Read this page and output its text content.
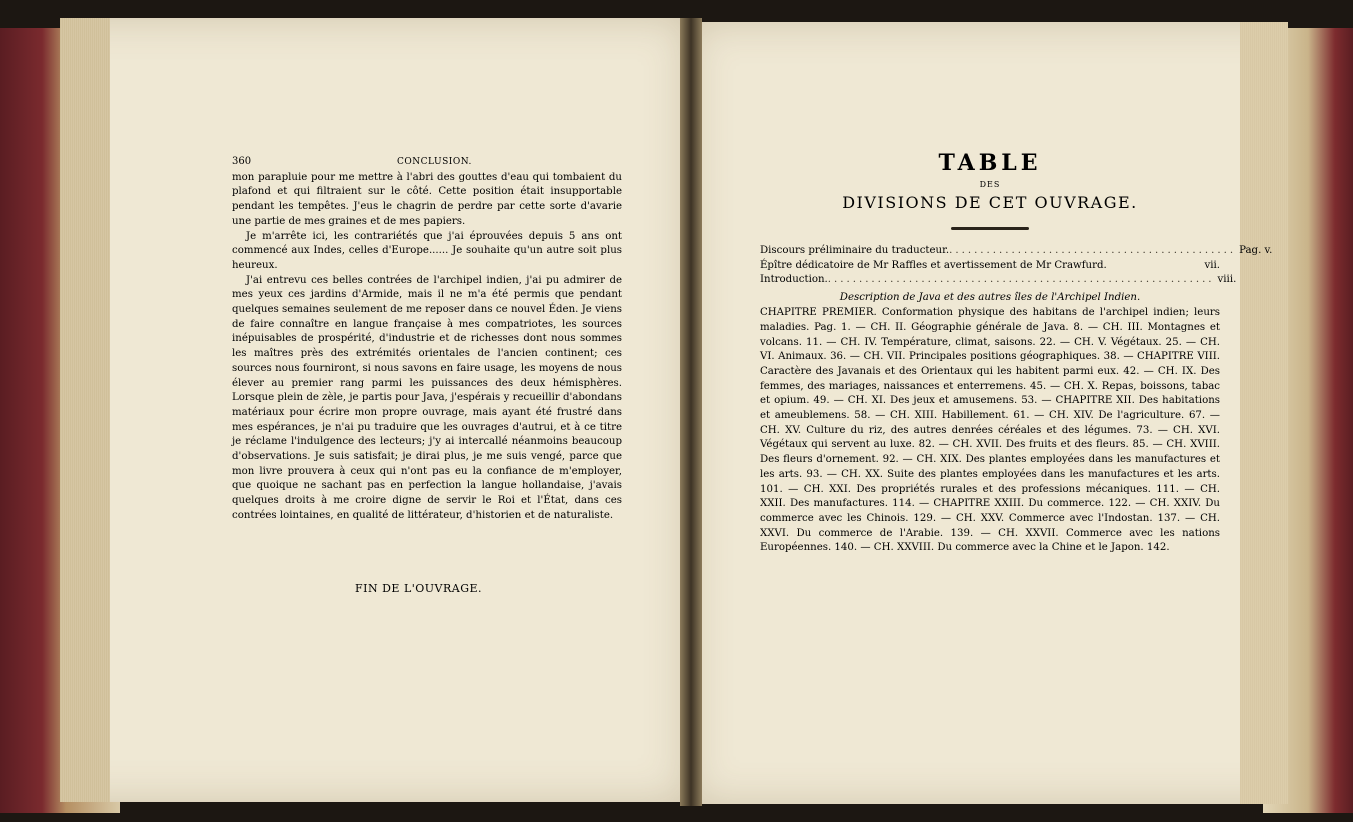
360	CONCLUSION.

mon parapluie pour me mettre à l'abri des gouttes d'eau qui tombaient du plafond et qui filtraient sur le côté. Cette position était insupportable pendant les tempêtes. J'eus le chagrin de perdre par cette sorte d'avarie une partie de mes graines et de mes papiers.

Je m'arrête ici, les contrariétés que j'ai éprouvées depuis 5 ans ont commencé aux Indes, celles d'Europe...... Je souhaite qu'un autre soit plus heureux.

J'ai entrevu ces belles contrées de l'archipel indien, j'ai pu admirer de mes yeux ces jardins d'Armide, mais il ne m'a été permis que pendant quelques semaines seulement de me reposer dans ce nouvel Éden. Je viens de faire connaître en langue française à mes compatriotes, les sources inépuisables de prospérité, d'industrie et de richesses dont nous sommes les maîtres près des extrémités orientales de l'ancien continent; ces sources nous fourniront, si nous savons en faire usage, les moyens de nous élever au premier rang parmi les puissances des deux hémisphères. Lorsque plein de zèle, je partis pour Java, j'espérais y recueillir d'abondans matériaux pour écrire mon propre ouvrage, mais ayant été frustré dans mes espérances, je n'ai pu traduire que les ouvrages d'autrui, et à ce titre je réclame l'indulgence des lecteurs; j'y ai intercallé néanmoins beaucoup d'observations. Je suis satisfait; je dirai plus, je me suis vengé, parce que mon livre prouvera à ceux qui n'ont pas eu la confiance de m'employer, que quoique ne sachant pas en perfection la langue hollandaise, j'avais quelques droits à me croire digne de servir le Roi et l'État, dans ces contrées lointaines, en qualité de littérateur, d'historien et de naturaliste.

FIN DE L'OUVRAGE.
TABLE
DES
DIVISIONS DE CET OUVRAGE.
Discours préliminaire du traducteur. .............................................. Pag. v.
Épître dédicatoire de Mr Raffles et avertissement de Mr Crawfurd.	vii.
Introduction. .............................................................. viii.
Description de Java et des autres îles de l'Archipel Indien.

CHAPITRE PREMIER. Conformation physique des habitans de l'archipel indien; leurs maladies. Pag. 1. — CH. II. Géographie générale de Java. 8. — CH. III. Montagnes et volcans. 11. — CH. IV. Température, climat, saisons. 22. — CH. V. Végétaux. 25. — CH. VI. Animaux. 36. — CH. VII. Principales positions géographiques. 38. — CHAPITRE VIII. Caractère des Javanais et des Orientaux qui les habitent parmi eux. 42. — CH. IX. Des femmes, des mariages, naissances et enterremens. 45. — CH. X. Repas, boissons, tabac et opium. 49. — CH. XI. Des jeux et amusemens. 53. — CHAPITRE XII. Des habitations et ameublemens. 58. — CH. XIII. Habillement. 61. — CH. XIV. De l'agriculture. 67. — CH. XV. Culture du riz, des autres denrées céréales et des légumes. 73. — CH. XVI. Végétaux qui servent au luxe. 82. — CH. XVII. Des fruits et des fleurs. 85. — CH. XVIII. Des fleurs d'ornement. 92. — CH. XIX. Des plantes employées dans les manufactures et les arts. 93. — CH. XX. Suite des plantes employées dans les manufactures et les arts. 101. — CH. XXI. Des propriétés rurales et des professions mécaniques. 111. — CH. XXII. Des manufactures. 114. — CHAPITRE XXIII. Du commerce. 122. — CH. XXIV. Du commerce avec les Chinois. 129. — CH. XXV. Commerce avec l'Indostan. 137. — CH. XXVI. Du commerce de l'Arabie. 139. — CH. XXVII. Commerce avec les nations Européennes. 140. — CH. XXVIII. Du commerce avec la Chine et le Japon. 142.
